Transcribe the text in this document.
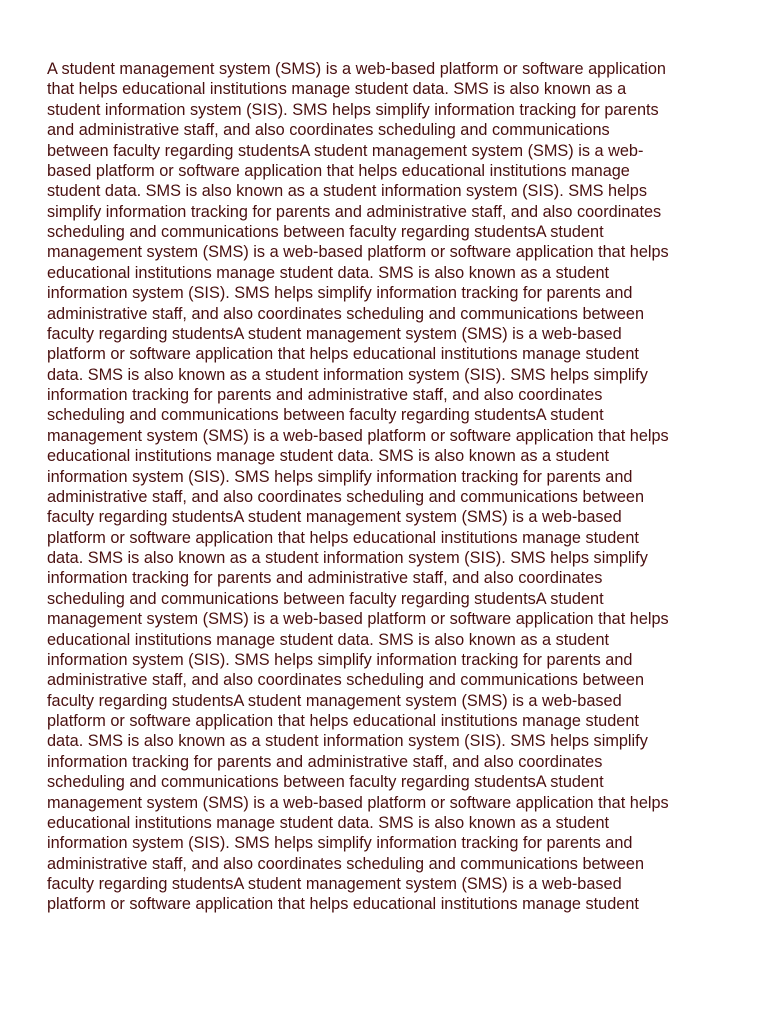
A student management system (SMS) is a web-based platform or software application
that helps educational institutions manage student data. SMS is also known as a
student information system (SIS). SMS helps simplify information tracking for parents
and administrative staff, and also coordinates scheduling and communications
between faculty regarding studentsA student management system (SMS) is a web-
based platform or software application that helps educational institutions manage
student data. SMS is also known as a student information system (SIS). SMS helps
simplify information tracking for parents and administrative staff, and also coordinates
scheduling and communications between faculty regarding studentsA student
management system (SMS) is a web-based platform or software application that helps
educational institutions manage student data. SMS is also known as a student
information system (SIS). SMS helps simplify information tracking for parents and
administrative staff, and also coordinates scheduling and communications between
faculty regarding studentsA student management system (SMS) is a web-based
platform or software application that helps educational institutions manage student
data. SMS is also known as a student information system (SIS). SMS helps simplify
information tracking for parents and administrative staff, and also coordinates
scheduling and communications between faculty regarding studentsA student
management system (SMS) is a web-based platform or software application that helps
educational institutions manage student data. SMS is also known as a student
information system (SIS). SMS helps simplify information tracking for parents and
administrative staff, and also coordinates scheduling and communications between
faculty regarding studentsA student management system (SMS) is a web-based
platform or software application that helps educational institutions manage student
data. SMS is also known as a student information system (SIS). SMS helps simplify
information tracking for parents and administrative staff, and also coordinates
scheduling and communications between faculty regarding studentsA student
management system (SMS) is a web-based platform or software application that helps
educational institutions manage student data. SMS is also known as a student
information system (SIS). SMS helps simplify information tracking for parents and
administrative staff, and also coordinates scheduling and communications between
faculty regarding studentsA student management system (SMS) is a web-based
platform or software application that helps educational institutions manage student
data. SMS is also known as a student information system (SIS). SMS helps simplify
information tracking for parents and administrative staff, and also coordinates
scheduling and communications between faculty regarding studentsA student
management system (SMS) is a web-based platform or software application that helps
educational institutions manage student data. SMS is also known as a student
information system (SIS). SMS helps simplify information tracking for parents and
administrative staff, and also coordinates scheduling and communications between
faculty regarding studentsA student management system (SMS) is a web-based
platform or software application that helps educational institutions manage student
